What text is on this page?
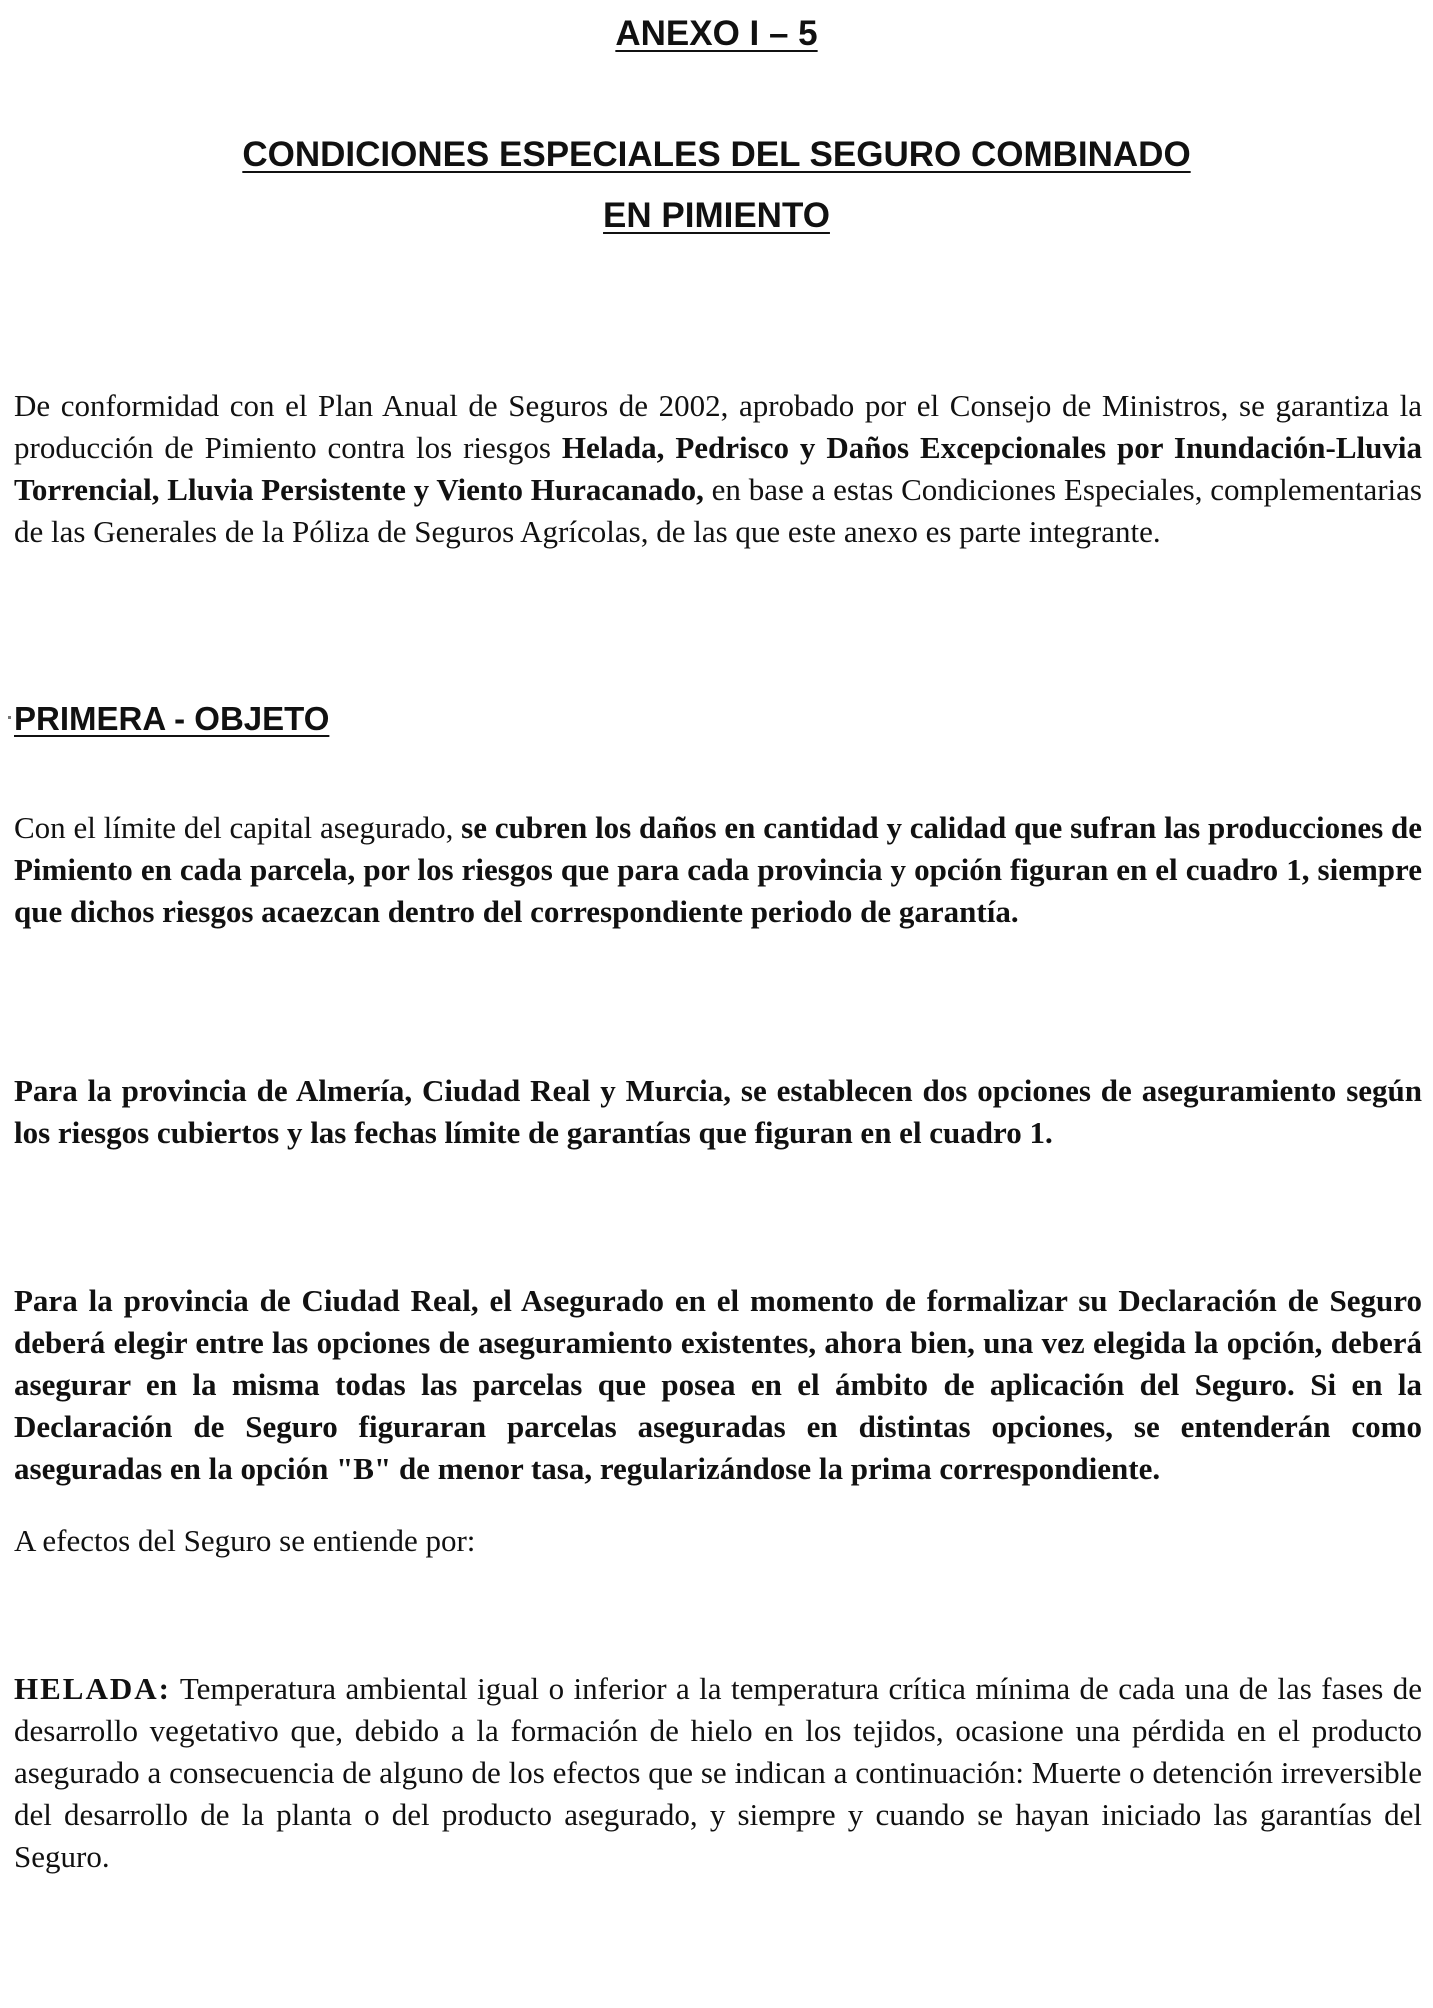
ANEXO I – 5
CONDICIONES ESPECIALES DEL SEGURO COMBINADO
EN PIMIENTO

De conformidad con el Plan Anual de Seguros de 2002, aprobado por el Consejo de Ministros, se garantiza la producción de Pimiento contra los riesgos Helada, Pedrisco y Daños Excepcionales por Inundación-Lluvia Torrencial, Lluvia Persistente y Viento Huracanado, en base a estas Condiciones Especiales, complementarias de las Generales de la Póliza de Seguros Agrícolas, de las que este anexo es parte integrante.

PRIMERA - OBJETO

Con el límite del capital asegurado, se cubren los daños en cantidad y calidad que sufran las producciones de Pimiento en cada parcela, por los riesgos que para cada provincia y opción figuran en el cuadro 1, siempre que dichos riesgos acaezcan dentro del correspondiente periodo de garantía.

Para la provincia de Almería, Ciudad Real y Murcia, se establecen dos opciones de aseguramiento según los riesgos cubiertos y las fechas límite de garantías que figuran en el cuadro 1.

Para la provincia de Ciudad Real, el Asegurado en el momento de formalizar su Declaración de Seguro deberá elegir entre las opciones de aseguramiento existentes, ahora bien, una vez elegida la opción, deberá asegurar en la misma todas las parcelas que posea en el ámbito de aplicación del Seguro. Si en la Declaración de Seguro figuraran parcelas aseguradas en distintas opciones, se entenderán como aseguradas en la opción "B" de menor tasa, regularizándose la prima correspondiente.

A efectos del Seguro se entiende por:

HELADA: Temperatura ambiental igual o inferior a la temperatura crítica mínima de cada una de las fases de desarrollo vegetativo que, debido a la formación de hielo en los tejidos, ocasione una pérdida en el producto asegurado a consecuencia de alguno de los efectos que se indican a continuación: Muerte o detención irreversible del desarrollo de la planta o del producto asegurado, y siempre y cuando se hayan iniciado las garantías del Seguro.
